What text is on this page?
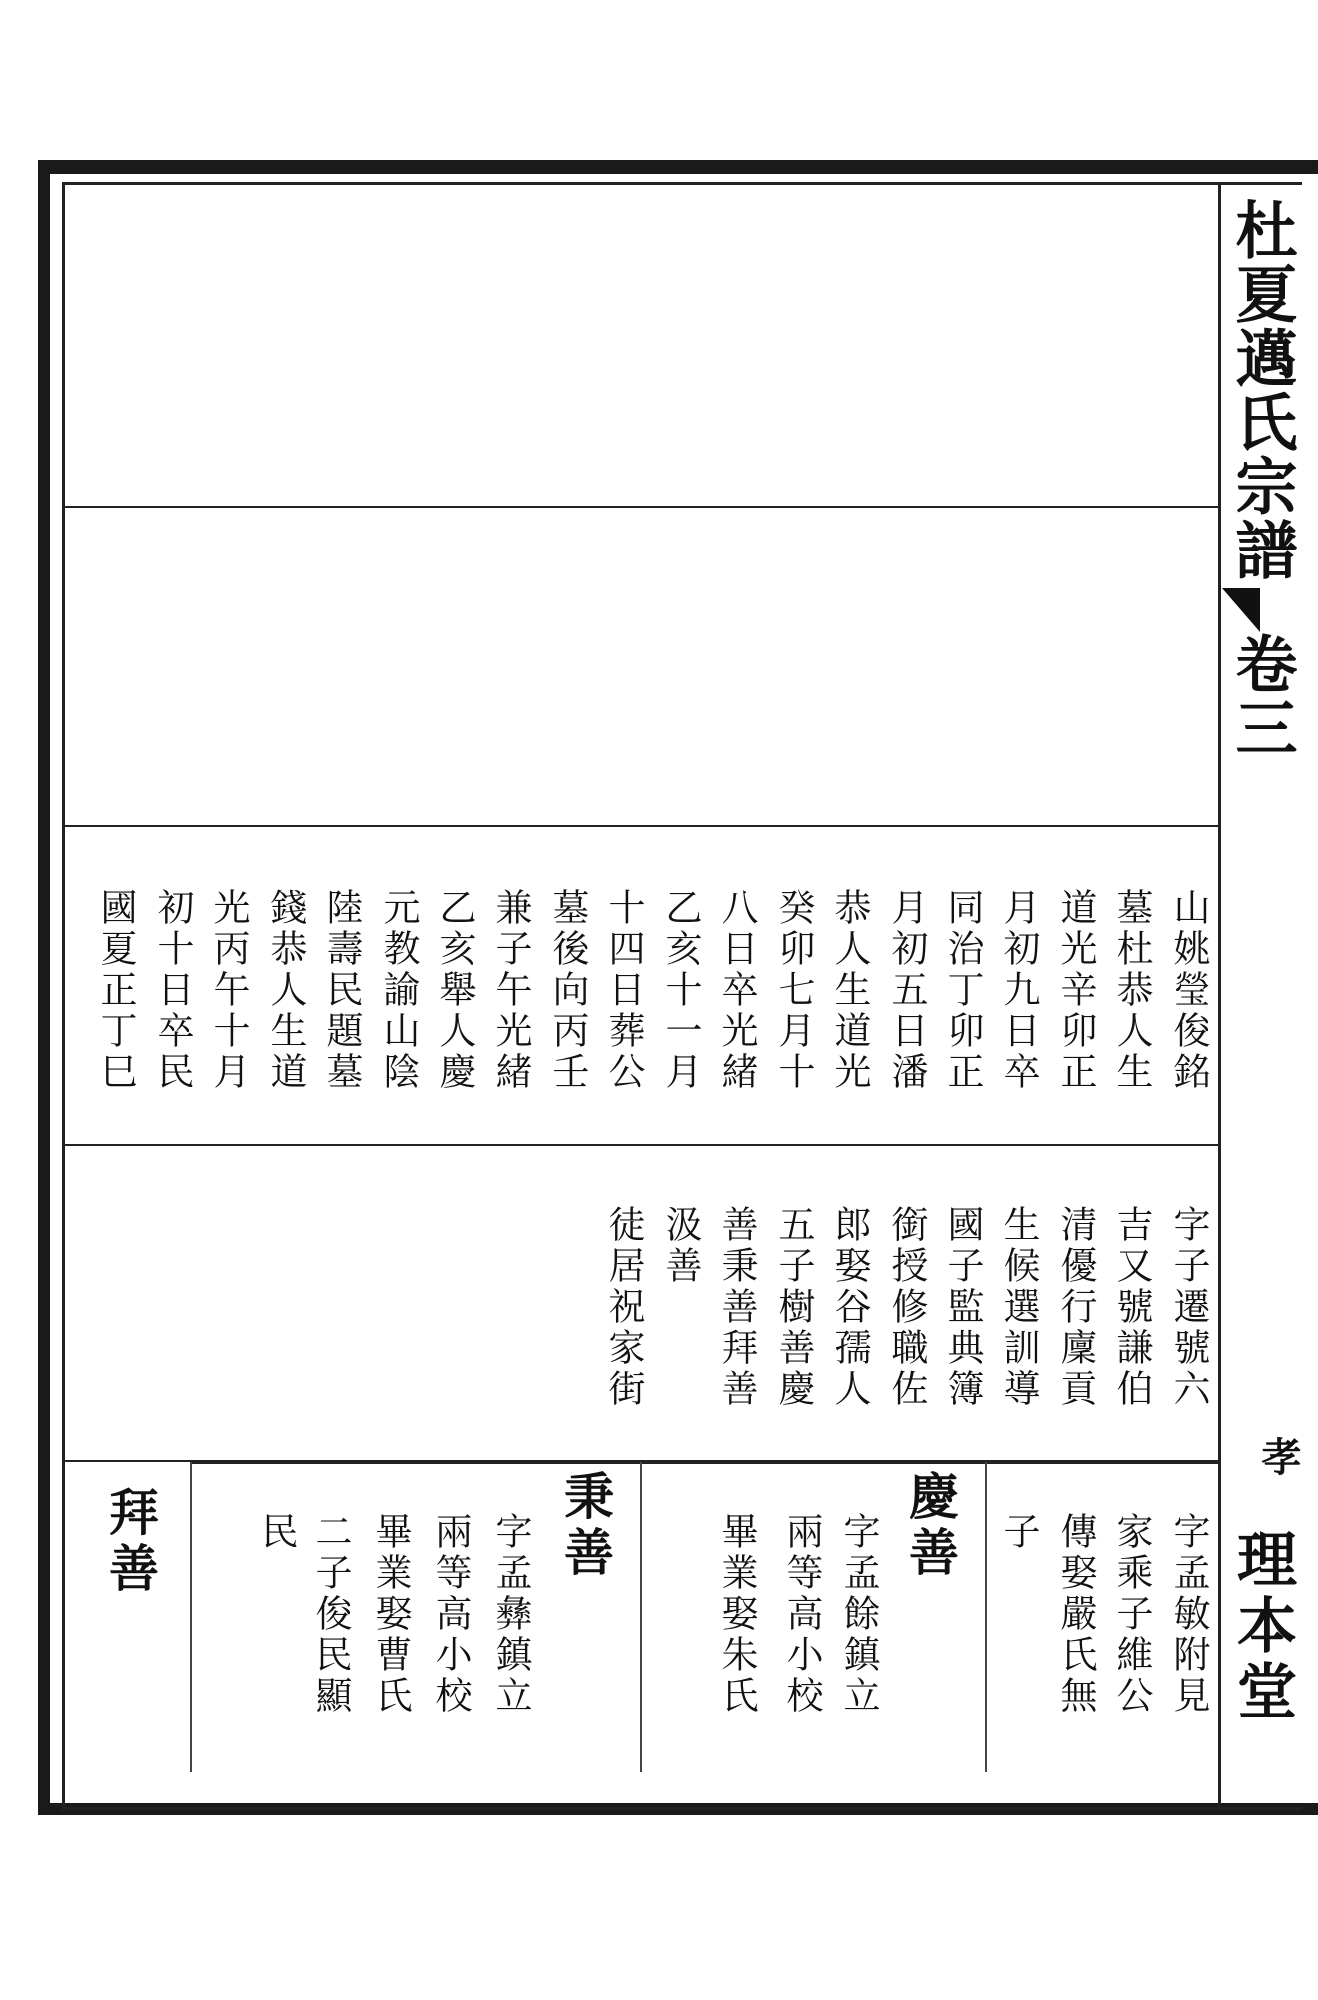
杜夏邁氏宗譜
卷三
孝
理本堂
山姚瑩俊銘
墓杜恭人生
道光辛卯正
月初九日卒
同治丁卯正
月初五日潘
恭人生道光
癸卯七月十
八日卒光緒
乙亥十一月
十四日葬公
墓後向丙壬
兼子午光緒
乙亥舉人慶
元教諭山陰
陸壽民題墓
錢恭人生道
光丙午十月
初十日卒民
國夏正丁巳
字子遷號六
吉又號謙伯
清優行廩貢
生候選訓導
國子監典簿
銜授修職佐
郎娶谷孺人
五子樹善慶
善秉善拜善
汲善
徒居祝家街
字孟敏附見
家乘子維公
傳娶嚴氏無
子
慶善
字孟餘鎮立
兩等高小校
畢業娶朱氏
秉善
字孟彝鎮立
兩等高小校
畢業娶曹氏
二子俊民顯
民
拜善
